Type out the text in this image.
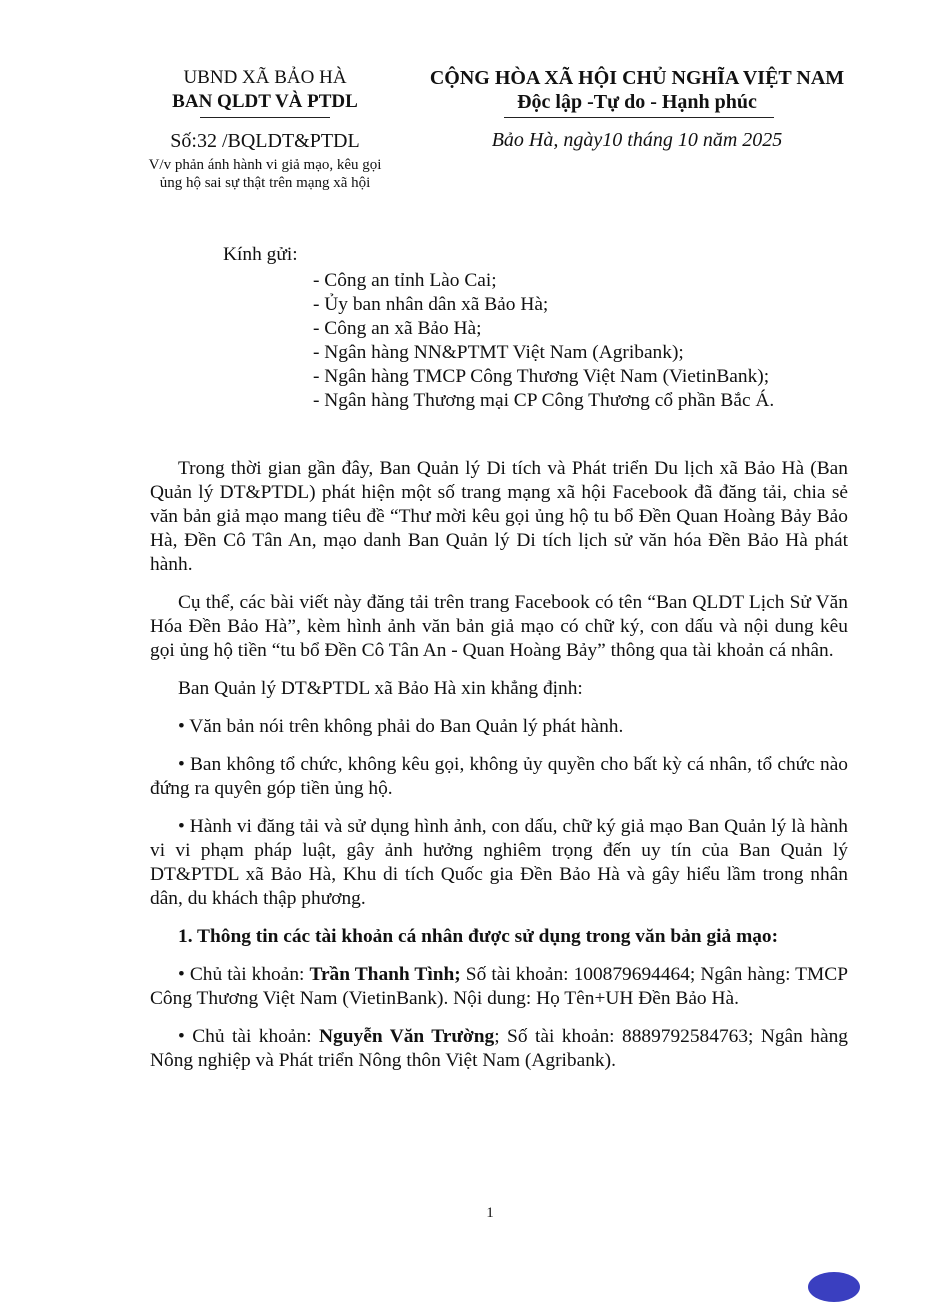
UBND XÃ BẢO HÀ
BAN QLDT VÀ PTDL
Số:32 /BQLDT&PTDL
V/v phản ánh hành vi giả mạo, kêu gọi
ủng hộ sai sự thật trên mạng xã hội
CỘNG HÒA XÃ HỘI CHỦ NGHĨA VIỆT NAM
Độc lập -Tự do - Hạnh phúc
Bảo Hà, ngày10 tháng 10 năm 2025
Kính gửi:
- Công an tỉnh Lào Cai;
- Ủy ban nhân dân xã Bảo Hà;
- Công an xã Bảo Hà;
- Ngân hàng NN&PTMT Việt Nam (Agribank);
- Ngân hàng TMCP Công Thương Việt Nam (VietinBank);
- Ngân hàng Thương mại CP Công Thương cổ phần Bắc Á.

Trong thời gian gần đây, Ban Quản lý Di tích và Phát triển Du lịch xã Bảo Hà (Ban Quản lý DT&PTDL) phát hiện một số trang mạng xã hội Facebook đã đăng tải, chia sẻ văn bản giả mạo mang tiêu đề “Thư mời kêu gọi ủng hộ tu bổ Đền Quan Hoàng Bảy Bảo Hà, Đền Cô Tân An, mạo danh Ban Quản lý Di tích lịch sử văn hóa Đền Bảo Hà phát hành.

Cụ thể, các bài viết này đăng tải trên trang Facebook có tên “Ban QLDT Lịch Sử Văn Hóa Đền Bảo Hà”, kèm hình ảnh văn bản giả mạo có chữ ký, con dấu và nội dung kêu gọi ủng hộ tiền “tu bổ Đền Cô Tân An - Quan Hoàng Bảy” thông qua tài khoản cá nhân.

Ban Quản lý DT&PTDL xã Bảo Hà xin khẳng định:

• Văn bản nói trên không phải do Ban Quản lý phát hành.

• Ban không tổ chức, không kêu gọi, không ủy quyền cho bất kỳ cá nhân, tổ chức nào đứng ra quyên góp tiền ủng hộ.

• Hành vi đăng tải và sử dụng hình ảnh, con dấu, chữ ký giả mạo Ban Quản lý là hành vi vi phạm pháp luật, gây ảnh hưởng nghiêm trọng đến uy tín của Ban Quản lý DT&PTDL xã Bảo Hà, Khu di tích Quốc gia Đền Bảo Hà và gây hiểu lầm trong nhân dân, du khách thập phương.

1. Thông tin các tài khoản cá nhân được sử dụng trong văn bản giả mạo:

• Chủ tài khoản: Trần Thanh Tình; Số tài khoản: 100879694464; Ngân hàng: TMCP Công Thương Việt Nam (VietinBank). Nội dung: Họ Tên+UH Đền Bảo Hà.

• Chủ tài khoản: Nguyễn Văn Trường; Số tài khoản: 8889792584763; Ngân hàng Nông nghiệp và Phát triển Nông thôn Việt Nam (Agribank).

1
